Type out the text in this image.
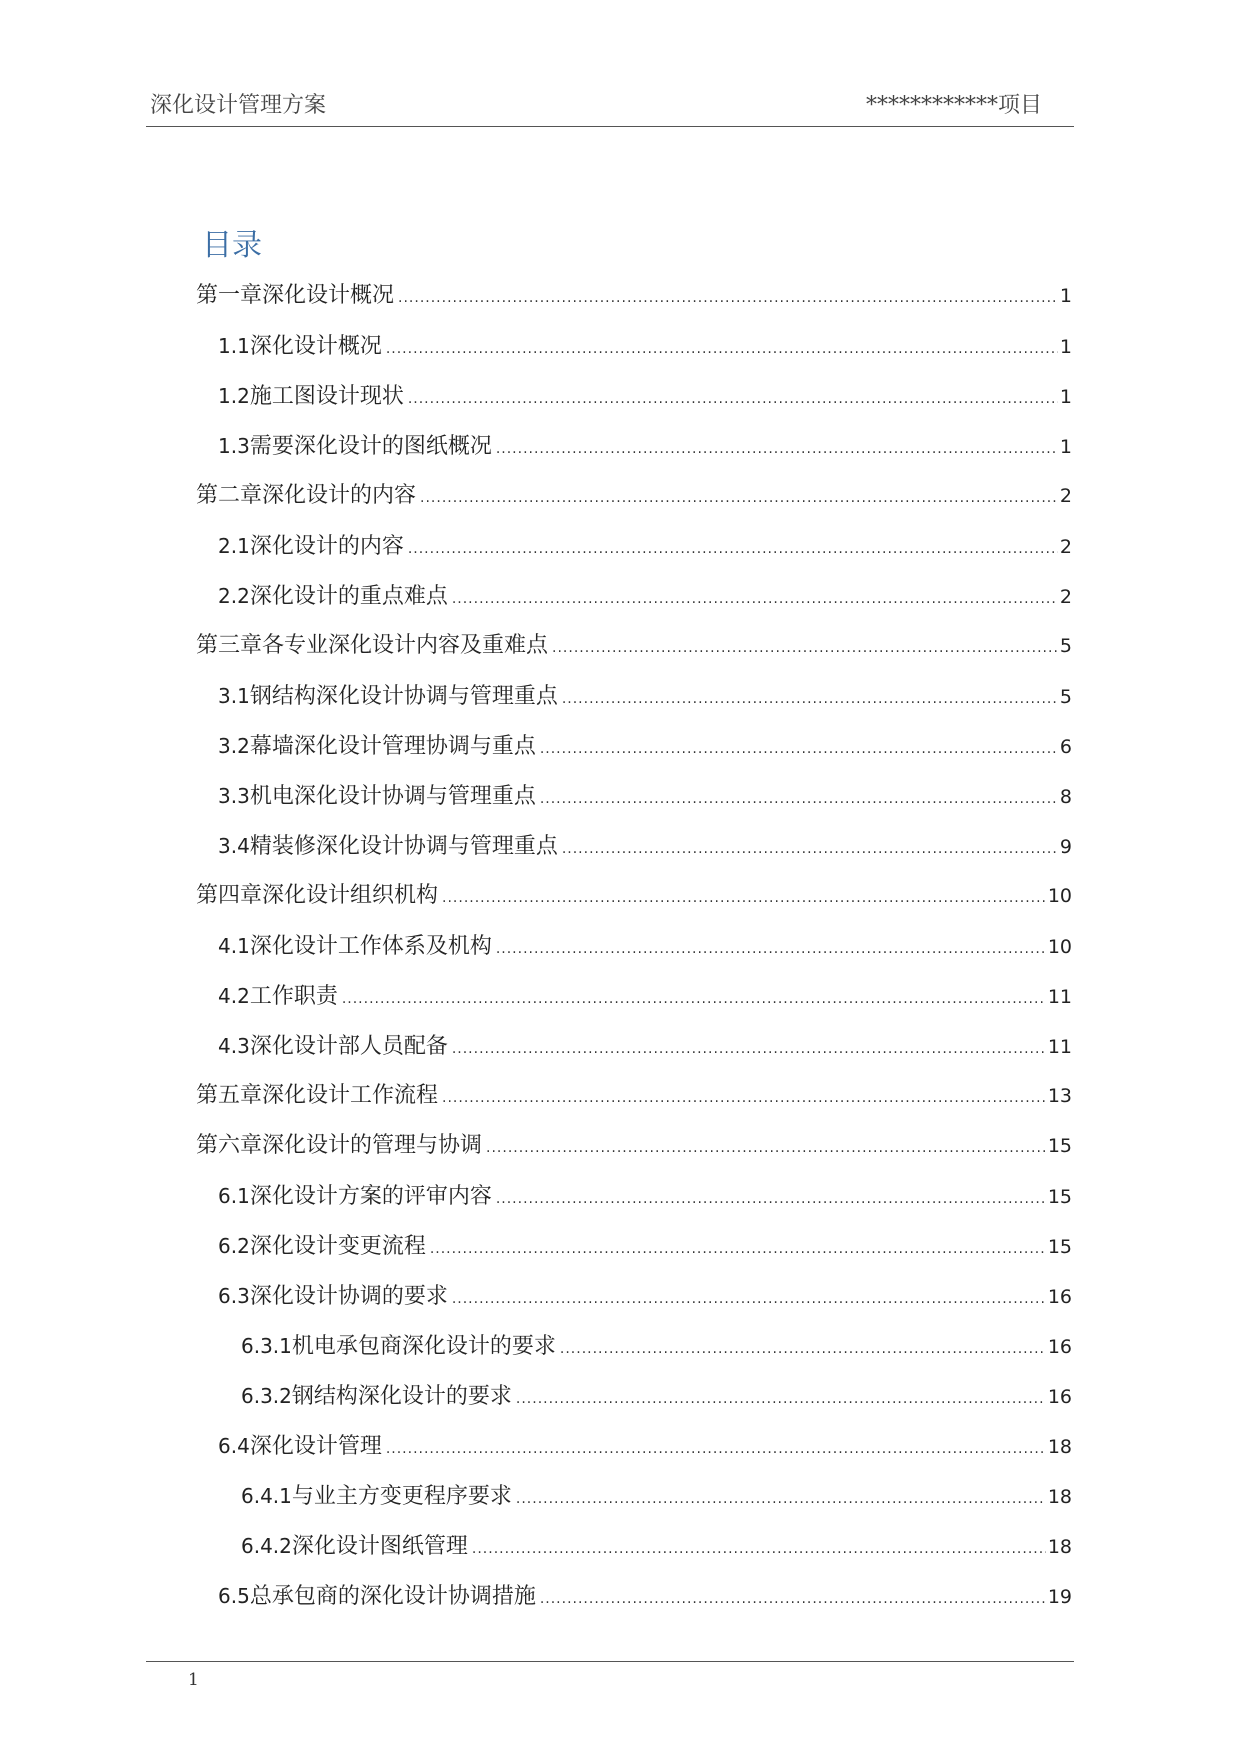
深化设计管理方案	************项目
目录
第一章 深化设计概况 .....	1
1.1 深化设计概况 .....	1
1.2 施工图设计现状 .....	1
1.3 需要深化设计的图纸概况 .....	1
第二章 深化设计的内容 .....	2
2.1 深化设计的内容 .....	2
2.2 深化设计的重点难点 .....	2
第三章 各专业深化设计内容及重难点 .....	5
3.1 钢结构深化设计协调与管理重点 .....	5
3.2 幕墙深化设计管理协调与重点 .....	6
3.3 机电深化设计协调与管理重点 .....	8
3.4 精装修深化设计协调与管理重点 .....	9
第四章 深化设计组织机构 .....	10
4.1 深化设计工作体系及机构 .....	10
4.2 工作职责 .....	11
4.3 深化设计部人员配备 .....	11
第五章 深化设计工作流程 .....	13
第六章 深化设计的管理与协调 .....	15
6.1 深化设计方案的评审内容 .....	15
6.2 深化设计变更流程 .....	15
6.3 深化设计协调的要求 .....	16
6.3.1 机电承包商深化设计的要求 .....	16
6.3.2 钢结构深化设计的要求 .....	16
6.4 深化设计管理 .....	18
6.4.1 与业主方变更程序要求 .....	18
6.4.2 深化设计图纸管理 .....	18
6.5 总承包商的深化设计协调措施 .....	19
1
